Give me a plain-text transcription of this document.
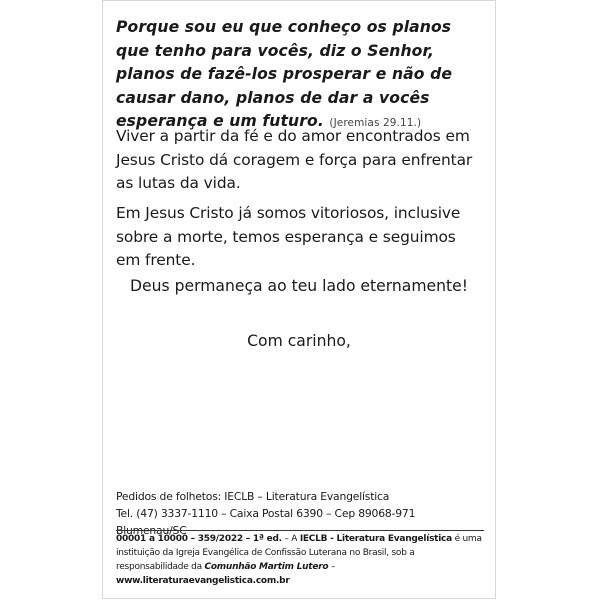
Porque sou eu que conheço os planos que tenho para vocês, diz o Senhor, planos de fazê-los prosperar e não de causar dano, planos de dar a vocês esperança e um futuro. (Jeremias 29.11.)
Viver a partir da fé e do amor encontrados em Jesus Cristo dá coragem e força para enfrentar as lutas da vida.
Em Jesus Cristo já somos vitoriosos, inclusive sobre a morte, temos esperança e seguimos em frente.
Deus permaneça ao teu lado eternamente!
Com carinho,
Pedidos de folhetos: IECLB – Literatura Evangelística
Tel. (47) 3337-1110 – Caixa Postal 6390 – Cep 89068-971 Blumenau/SC
00001 a 10000 – 359/2022 – 1ª ed. – A IECLB - Literatura Evangelística é uma instituição da Igreja Evangélica de Confissão Luterana no Brasil, sob a responsabilidade da Comunhão Martim Lutero – www.literaturaevangelistica.com.br
